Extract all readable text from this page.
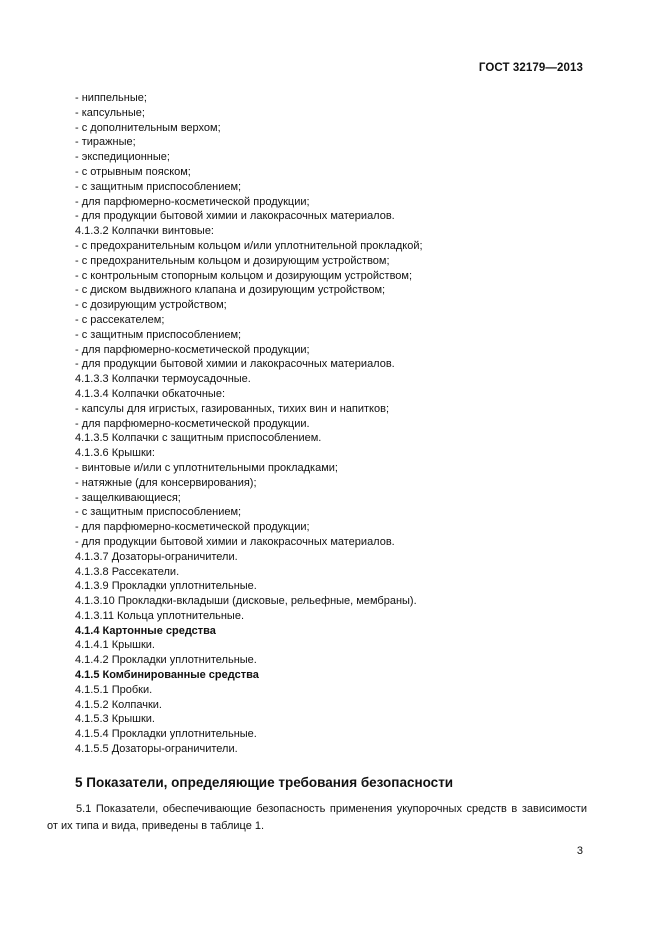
ГОСТ 32179—2013
- ниппельные;
- капсульные;
- с дополнительным верхом;
- тиражные;
- экспедиционные;
- с отрывным пояском;
- с защитным приспособлением;
- для парфюмерно-косметической продукции;
- для продукции бытовой химии и лакокрасочных материалов.
4.1.3.2 Колпачки винтовые:
- с предохранительным кольцом и/или уплотнительной прокладкой;
- с предохранительным кольцом и дозирующим устройством;
- с контрольным стопорным кольцом и дозирующим устройством;
- с диском выдвижного клапана и дозирующим устройством;
- с дозирующим устройством;
- с рассекателем;
- с защитным приспособлением;
- для парфюмерно-косметической продукции;
- для продукции бытовой химии и лакокрасочных материалов.
4.1.3.3 Колпачки термоусадочные.
4.1.3.4 Колпачки обкаточные:
- капсулы для игристых, газированных, тихих вин и напитков;
- для парфюмерно-косметической продукции.
4.1.3.5 Колпачки с защитным приспособлением.
4.1.3.6 Крышки:
- винтовые и/или с уплотнительными прокладками;
- натяжные (для консервирования);
- защелкивающиеся;
- с защитным приспособлением;
- для парфюмерно-косметической продукции;
- для продукции бытовой химии и лакокрасочных материалов.
4.1.3.7 Дозаторы-ограничители.
4.1.3.8 Рассекатели.
4.1.3.9 Прокладки уплотнительные.
4.1.3.10 Прокладки-вкладыши (дисковые, рельефные, мембраны).
4.1.3.11 Кольца уплотнительные.
4.1.4 Картонные средства
4.1.4.1 Крышки.
4.1.4.2 Прокладки уплотнительные.
4.1.5 Комбинированные средства
4.1.5.1 Пробки.
4.1.5.2 Колпачки.
4.1.5.3 Крышки.
4.1.5.4 Прокладки уплотнительные.
4.1.5.5 Дозаторы-ограничители.
5 Показатели, определяющие требования безопасности
5.1 Показатели, обеспечивающие безопасность применения укупорочных средств в зависимости от их типа и вида, приведены в таблице 1.
3
